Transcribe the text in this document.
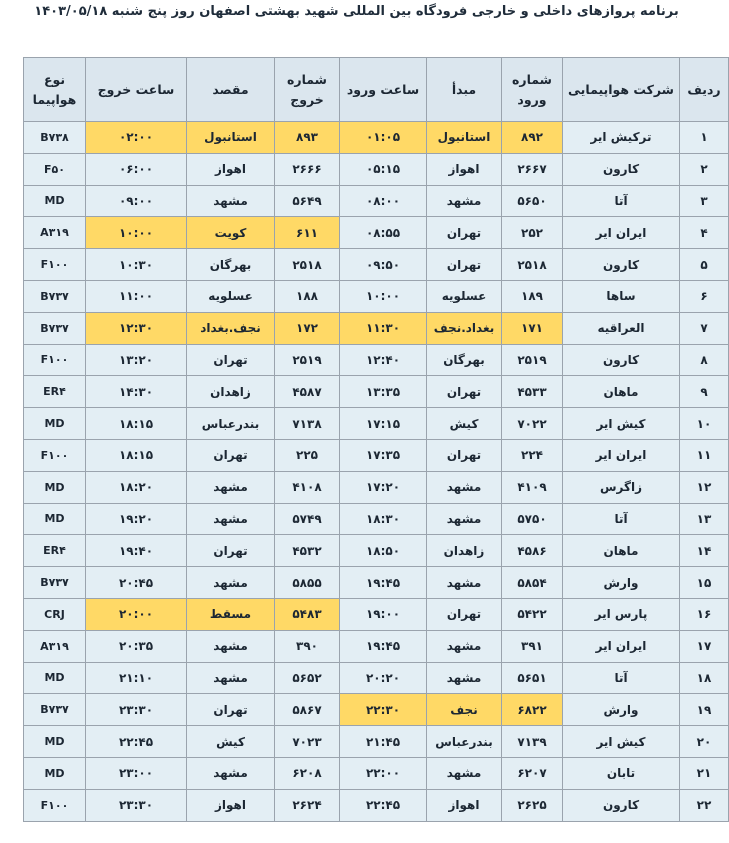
برنامه پروازهای داخلی و خارجی فرودگاه بین المللی شهید بهشتی اصفهان روز پنج شنبه ۱۴۰۳/۰۵/۱۸
ردیف	شرکت هواپیمایی	شماره ورود	مبدأ	ساعت ورود	شماره خروج	مقصد	ساعت خروج	نوع هواپیما
۱	ترکیش ایر	۸۹۲	استانبول	۰۱:۰۵	۸۹۳	استانبول	۰۲:۰۰	B۷۳۸
۲	کارون	۲۶۶۷	اهواز	۰۵:۱۵	۲۶۶۶	اهواز	۰۶:۰۰	F۵۰
۳	آتا	۵۶۵۰	مشهد	۰۸:۰۰	۵۶۴۹	مشهد	۰۹:۰۰	MD
۴	ایران ایر	۲۵۲	تهران	۰۸:۵۵	۶۱۱	کویت	۱۰:۰۰	A۳۱۹
۵	کارون	۲۵۱۸	تهران	۰۹:۵۰	۲۵۱۸	بهرگان	۱۰:۳۰	F۱۰۰
۶	ساها	۱۸۹	عسلویه	۱۰:۰۰	۱۸۸	عسلویه	۱۱:۰۰	B۷۳۷
۷	العراقیه	۱۷۱	بغداد.نجف	۱۱:۳۰	۱۷۲	نجف.بغداد	۱۲:۳۰	B۷۳۷
۸	کارون	۲۵۱۹	بهرگان	۱۲:۴۰	۲۵۱۹	تهران	۱۳:۲۰	F۱۰۰
۹	ماهان	۴۵۳۳	تهران	۱۳:۳۵	۴۵۸۷	زاهدان	۱۴:۳۰	ER۴
۱۰	کیش ایر	۷۰۲۲	کیش	۱۷:۱۵	۷۱۳۸	بندرعباس	۱۸:۱۵	MD
۱۱	ایران ایر	۲۲۴	تهران	۱۷:۳۵	۲۲۵	تهران	۱۸:۱۵	F۱۰۰
۱۲	زاگرس	۴۱۰۹	مشهد	۱۷:۲۰	۴۱۰۸	مشهد	۱۸:۲۰	MD
۱۳	آتا	۵۷۵۰	مشهد	۱۸:۳۰	۵۷۴۹	مشهد	۱۹:۲۰	MD
۱۴	ماهان	۴۵۸۶	زاهدان	۱۸:۵۰	۴۵۳۲	تهران	۱۹:۴۰	ER۴
۱۵	وارش	۵۸۵۴	مشهد	۱۹:۴۵	۵۸۵۵	مشهد	۲۰:۴۵	B۷۳۷
۱۶	پارس ایر	۵۴۲۲	تهران	۱۹:۰۰	۵۴۸۳	مسقط	۲۰:۰۰	CRJ
۱۷	ایران ایر	۳۹۱	مشهد	۱۹:۴۵	۳۹۰	مشهد	۲۰:۳۵	A۳۱۹
۱۸	آتا	۵۶۵۱	مشهد	۲۰:۲۰	۵۶۵۲	مشهد	۲۱:۱۰	MD
۱۹	وارش	۶۸۲۲	نجف	۲۲:۳۰	۵۸۶۷	تهران	۲۳:۳۰	B۷۳۷
۲۰	کیش ایر	۷۱۳۹	بندرعباس	۲۱:۴۵	۷۰۲۳	کیش	۲۲:۴۵	MD
۲۱	تابان	۶۲۰۷	مشهد	۲۲:۰۰	۶۲۰۸	مشهد	۲۳:۰۰	MD
۲۲	کارون	۲۶۲۵	اهواز	۲۲:۴۵	۲۶۲۴	اهواز	۲۳:۳۰	F۱۰۰
